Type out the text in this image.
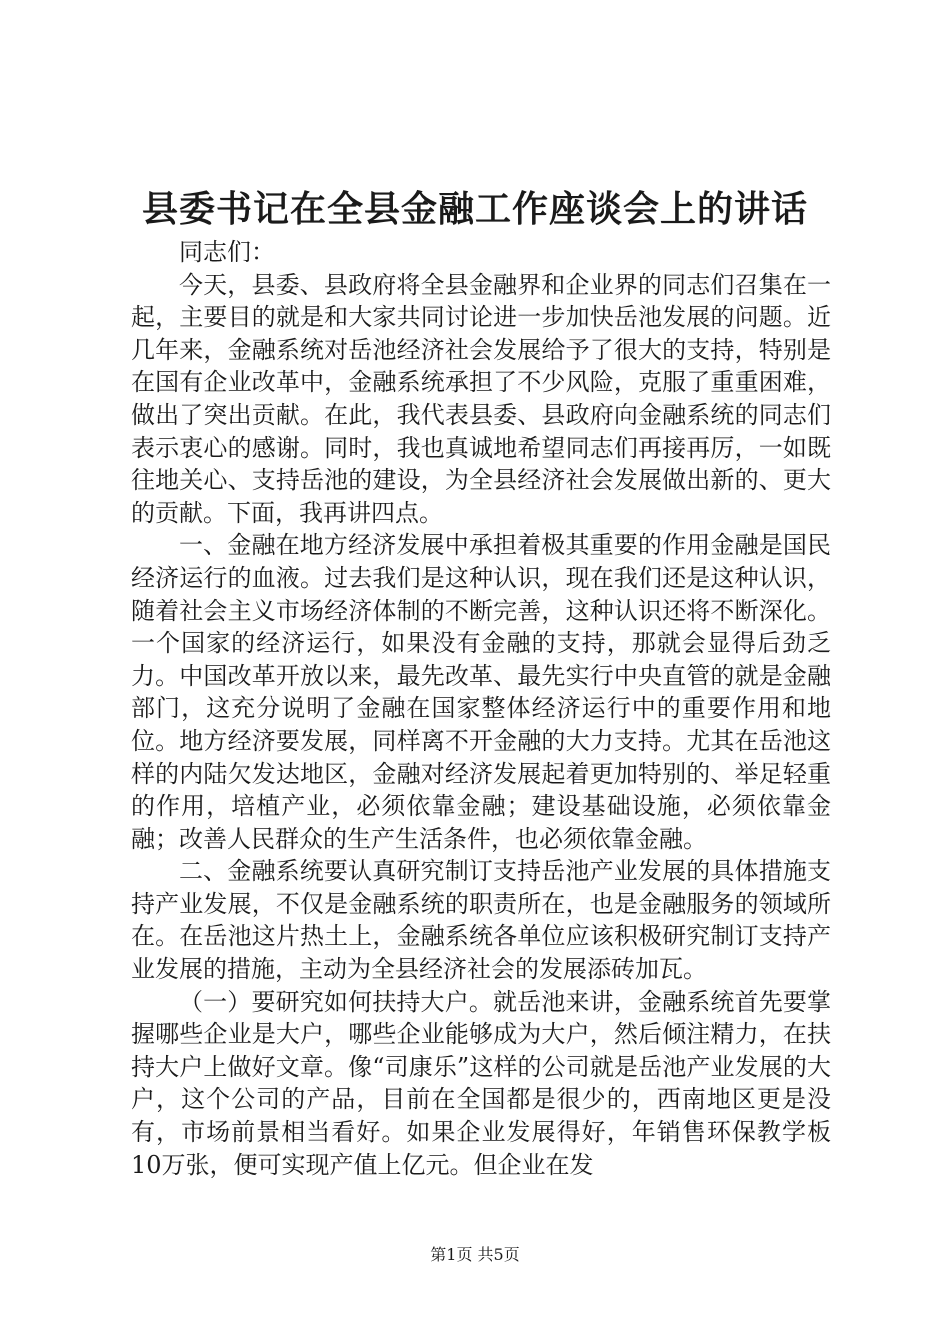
县委书记在全县金融工作座谈会上的讲话

同志们：

今天，县委、县政府将全县金融界和企业界的同志们召集在一起，主要目的就是和大家共同讨论进一步加快岳池发展的问题。近几年来，金融系统对岳池经济社会发展给予了很大的支持，特别是在国有企业改革中，金融系统承担了不少风险，克服了重重困难，做出了突出贡献。在此，我代表县委、县政府向金融系统的同志们表示衷心的感谢。同时，我也真诚地希望同志们再接再厉，一如既往地关心、支持岳池的建设，为全县经济社会发展做出新的、更大的贡献。下面，我再讲四点。

一、金融在地方经济发展中承担着极其重要的作用金融是国民经济运行的血液。过去我们是这种认识，现在我们还是这种认识，随着社会主义市场经济体制的不断完善，这种认识还将不断深化。一个国家的经济运行，如果没有金融的支持，那就会显得后劲乏力。中国改革开放以来，最先改革、最先实行中央直管的就是金融部门，这充分说明了金融在国家整体经济运行中的重要作用和地位。地方经济要发展，同样离不开金融的大力支持。尤其在岳池这样的内陆欠发达地区，金融对经济发展起着更加特别的、举足轻重的作用，培植产业，必须依靠金融；建设基础设施，必须依靠金融；改善人民群众的生产生活条件，也必须依靠金融。

二、金融系统要认真研究制订支持岳池产业发展的具体措施支持产业发展，不仅是金融系统的职责所在，也是金融服务的领域所在。在岳池这片热土上，金融系统各单位应该积极研究制订支持产业发展的措施，主动为全县经济社会的发展添砖加瓦。

（一）要研究如何扶持大户。就岳池来讲，金融系统首先要掌握哪些企业是大户，哪些企业能够成为大户，然后倾注精力，在扶持大户上做好文章。像“司康乐”这样的公司就是岳池产业发展的大户，这个公司的产品，目前在全国都是很少的，西南地区更是没有，市场前景相当看好。如果企业发展得好，年销售环保教学板10万张，便可实现产值上亿元。但企业在发

第1页 共5页
